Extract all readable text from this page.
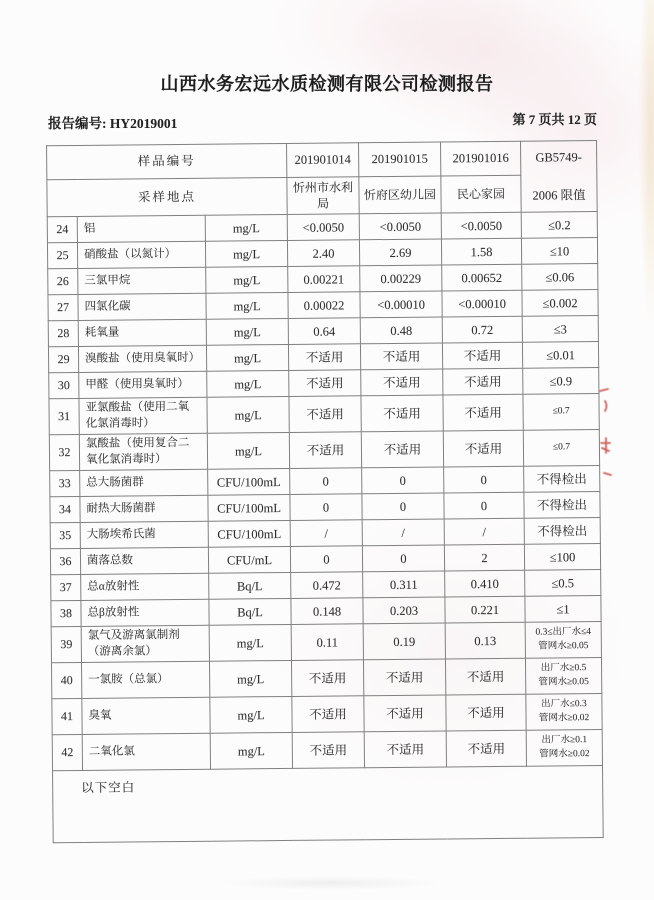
山西水务宏远水质检测有限公司检测报告
报告编号: HY2019001	第 7 页共 12 页
样品编号			201901014	201901015	201901016	GB5749-
2006 限值

采样地点			忻州市水利局	忻府区幼儿园	民心家园	
24	铝	mg/L	<0.0050	<0.0050	<0.0050	≤0.2
25	硝酸盐（以氮计）	mg/L	2.40	2.69	1.58	≤10
26	三氯甲烷	mg/L	0.00221	0.00229	0.00652	≤0.06
27	四氯化碳	mg/L	0.00022	<0.00010	<0.00010	≤0.002
28	耗氧量	mg/L	0.64	0.48	0.72	≤3
29	溴酸盐（使用臭氧时）	mg/L	不适用	不适用	不适用	≤0.01
30	甲醛（使用臭氧时）	mg/L	不适用	不适用	不适用	≤0.9
31	亚氯酸盐（使用二氧
化氯消毒时）	mg/L	不适用	不适用	不适用	≤0.7
32	氯酸盐（使用复合二
氧化氯消毒时）	mg/L	不适用	不适用	不适用	≤0.7
33	总大肠菌群	CFU/100mL	0	0	0	不得检出
34	耐热大肠菌群	CFU/100mL	0	0	0	不得检出
35	大肠埃希氏菌	CFU/100mL	/	/	/	不得检出
36	菌落总数	CFU/mL	0	0	2	≤100
37	总α放射性	Bq/L	0.472	0.311	0.410	≤0.5
38	总β放射性	Bq/L	0.148	0.203	0.221	≤1
39	氯气及游离氯制剂
（游离余氯）	mg/L	0.11	0.19	0.13	0.3≤出厂水≤4
管网水≥0.05
40	一氯胺（总氯）	mg/L	不适用	不适用	不适用	出厂水≥0.5
管网水≥0.05
41	臭氧	mg/L	不适用	不适用	不适用	出厂水≤0.3
管网水≥0.02
42	二氧化氯	mg/L	不适用	不适用	不适用	出厂水≥0.1
管网水≥0.02
以下空白						
